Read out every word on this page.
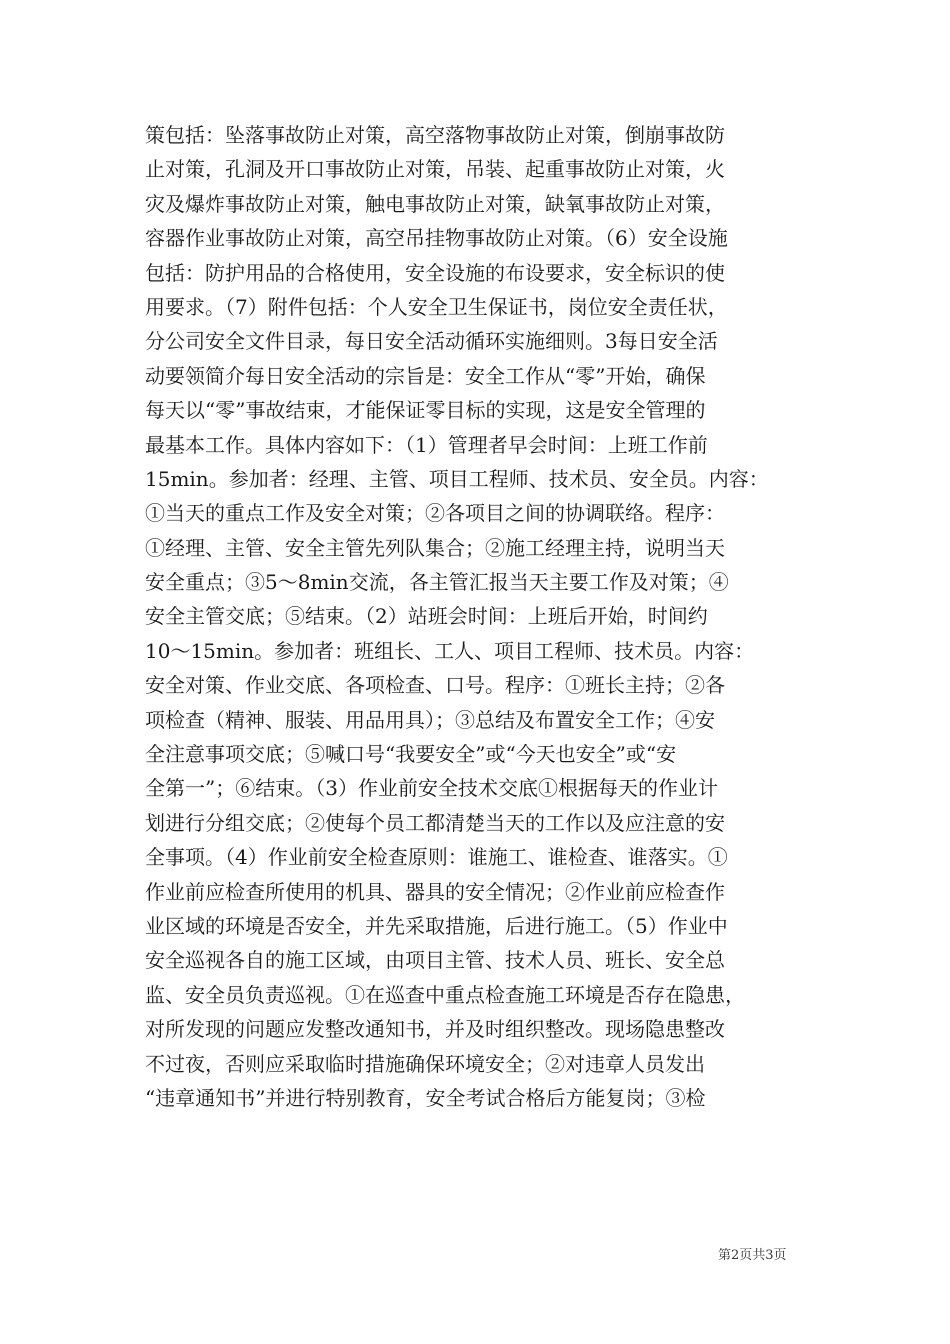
策包括：坠落事故防止对策，高空落物事故防止对策，倒崩事故防
止对策，孔洞及开口事故防止对策，吊装、起重事故防止对策，火
灾及爆炸事故防止对策，触电事故防止对策，缺氧事故防止对策，
容器作业事故防止对策，高空吊挂物事故防止对策。（6）安全设施
包括：防护用品的合格使用，安全设施的布设要求，安全标识的使
用要求。（7）附件包括：个人安全卫生保证书，岗位安全责任状，
分公司安全文件目录，每日安全活动循环实施细则。3每日安全活
动要领简介每日安全活动的宗旨是：安全工作从“零”开始，确保
每天以“零”事故结束，才能保证零目标的实现，这是安全管理的
最基本工作。具体内容如下：（1）管理者早会时间：上班工作前
15min。参加者：经理、主管、项目工程师、技术员、安全员。内容：
①当天的重点工作及安全对策；②各项目之间的协调联络。程序：
①经理、主管、安全主管先列队集合；②施工经理主持，说明当天
安全重点；③5～8min交流，各主管汇报当天主要工作及对策；④
安全主管交底；⑤结束。（2）站班会时间：上班后开始，时间约
10～15min。参加者：班组长、工人、项目工程师、技术员。内容：
安全对策、作业交底、各项检查、口号。程序：①班长主持；②各
项检查（精神、服装、用品用具）；③总结及布置安全工作；④安
全注意事项交底；⑤喊口号“我要安全”或“今天也安全”或“安
全第一”；⑥结束。（3）作业前安全技术交底①根据每天的作业计
划进行分组交底；②使每个员工都清楚当天的工作以及应注意的安
全事项。（4）作业前安全检查原则：谁施工、谁检查、谁落实。①
作业前应检查所使用的机具、器具的安全情况；②作业前应检查作
业区域的环境是否安全，并先采取措施，后进行施工。（5）作业中
安全巡视各自的施工区域，由项目主管、技术人员、班长、安全总
监、安全员负责巡视。①在巡查中重点检查施工环境是否存在隐患，
对所发现的问题应发整改通知书，并及时组织整改。现场隐患整改
不过夜，否则应采取临时措施确保环境安全；②对违章人员发出
“违章通知书”并进行特别教育，安全考试合格后方能复岗；③检
第2页共3页
